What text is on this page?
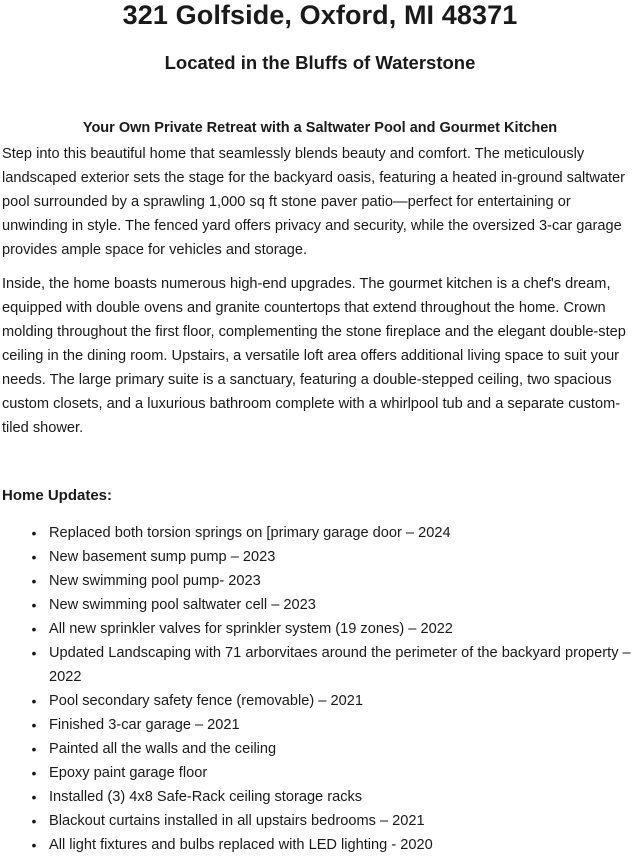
321 Golfside, Oxford, MI 48371
Located in the Bluffs of Waterstone
Your Own Private Retreat with a Saltwater Pool and Gourmet Kitchen

Step into this beautiful home that seamlessly blends beauty and comfort. The meticulously landscaped exterior sets the stage for the backyard oasis, featuring a heated in-ground saltwater pool surrounded by a sprawling 1,000 sq ft stone paver patio—perfect for entertaining or unwinding in style. The fenced yard offers privacy and security, while the oversized 3-car garage provides ample space for vehicles and storage.

Inside, the home boasts numerous high-end upgrades. The gourmet kitchen is a chef's dream, equipped with double ovens and granite countertops that extend throughout the home. Crown molding throughout the first floor, complementing the stone fireplace and the elegant double-step ceiling in the dining room. Upstairs, a versatile loft area offers additional living space to suit your needs. The large primary suite is a sanctuary, featuring a double-stepped ceiling, two spacious custom closets, and a luxurious bathroom complete with a whirlpool tub and a separate custom-tiled shower.

Home Updates:
• Replaced both torsion springs on [primary garage door – 2024
• New basement sump pump – 2023
• New swimming pool pump- 2023
• New swimming pool saltwater cell – 2023
• All new sprinkler valves for sprinkler system (19 zones) – 2022
• Updated Landscaping with 71 arborvitaes around the perimeter of the backyard property – 2022
• Pool secondary safety fence (removable) – 2021
• Finished 3-car garage – 2021
• Painted all the walls and the ceiling
• Epoxy paint garage floor
• Installed (3) 4x8 Safe-Rack ceiling storage racks
• Blackout curtains installed in all upstairs bedrooms – 2021
• All light fixtures and bulbs replaced with LED lighting - 2020
